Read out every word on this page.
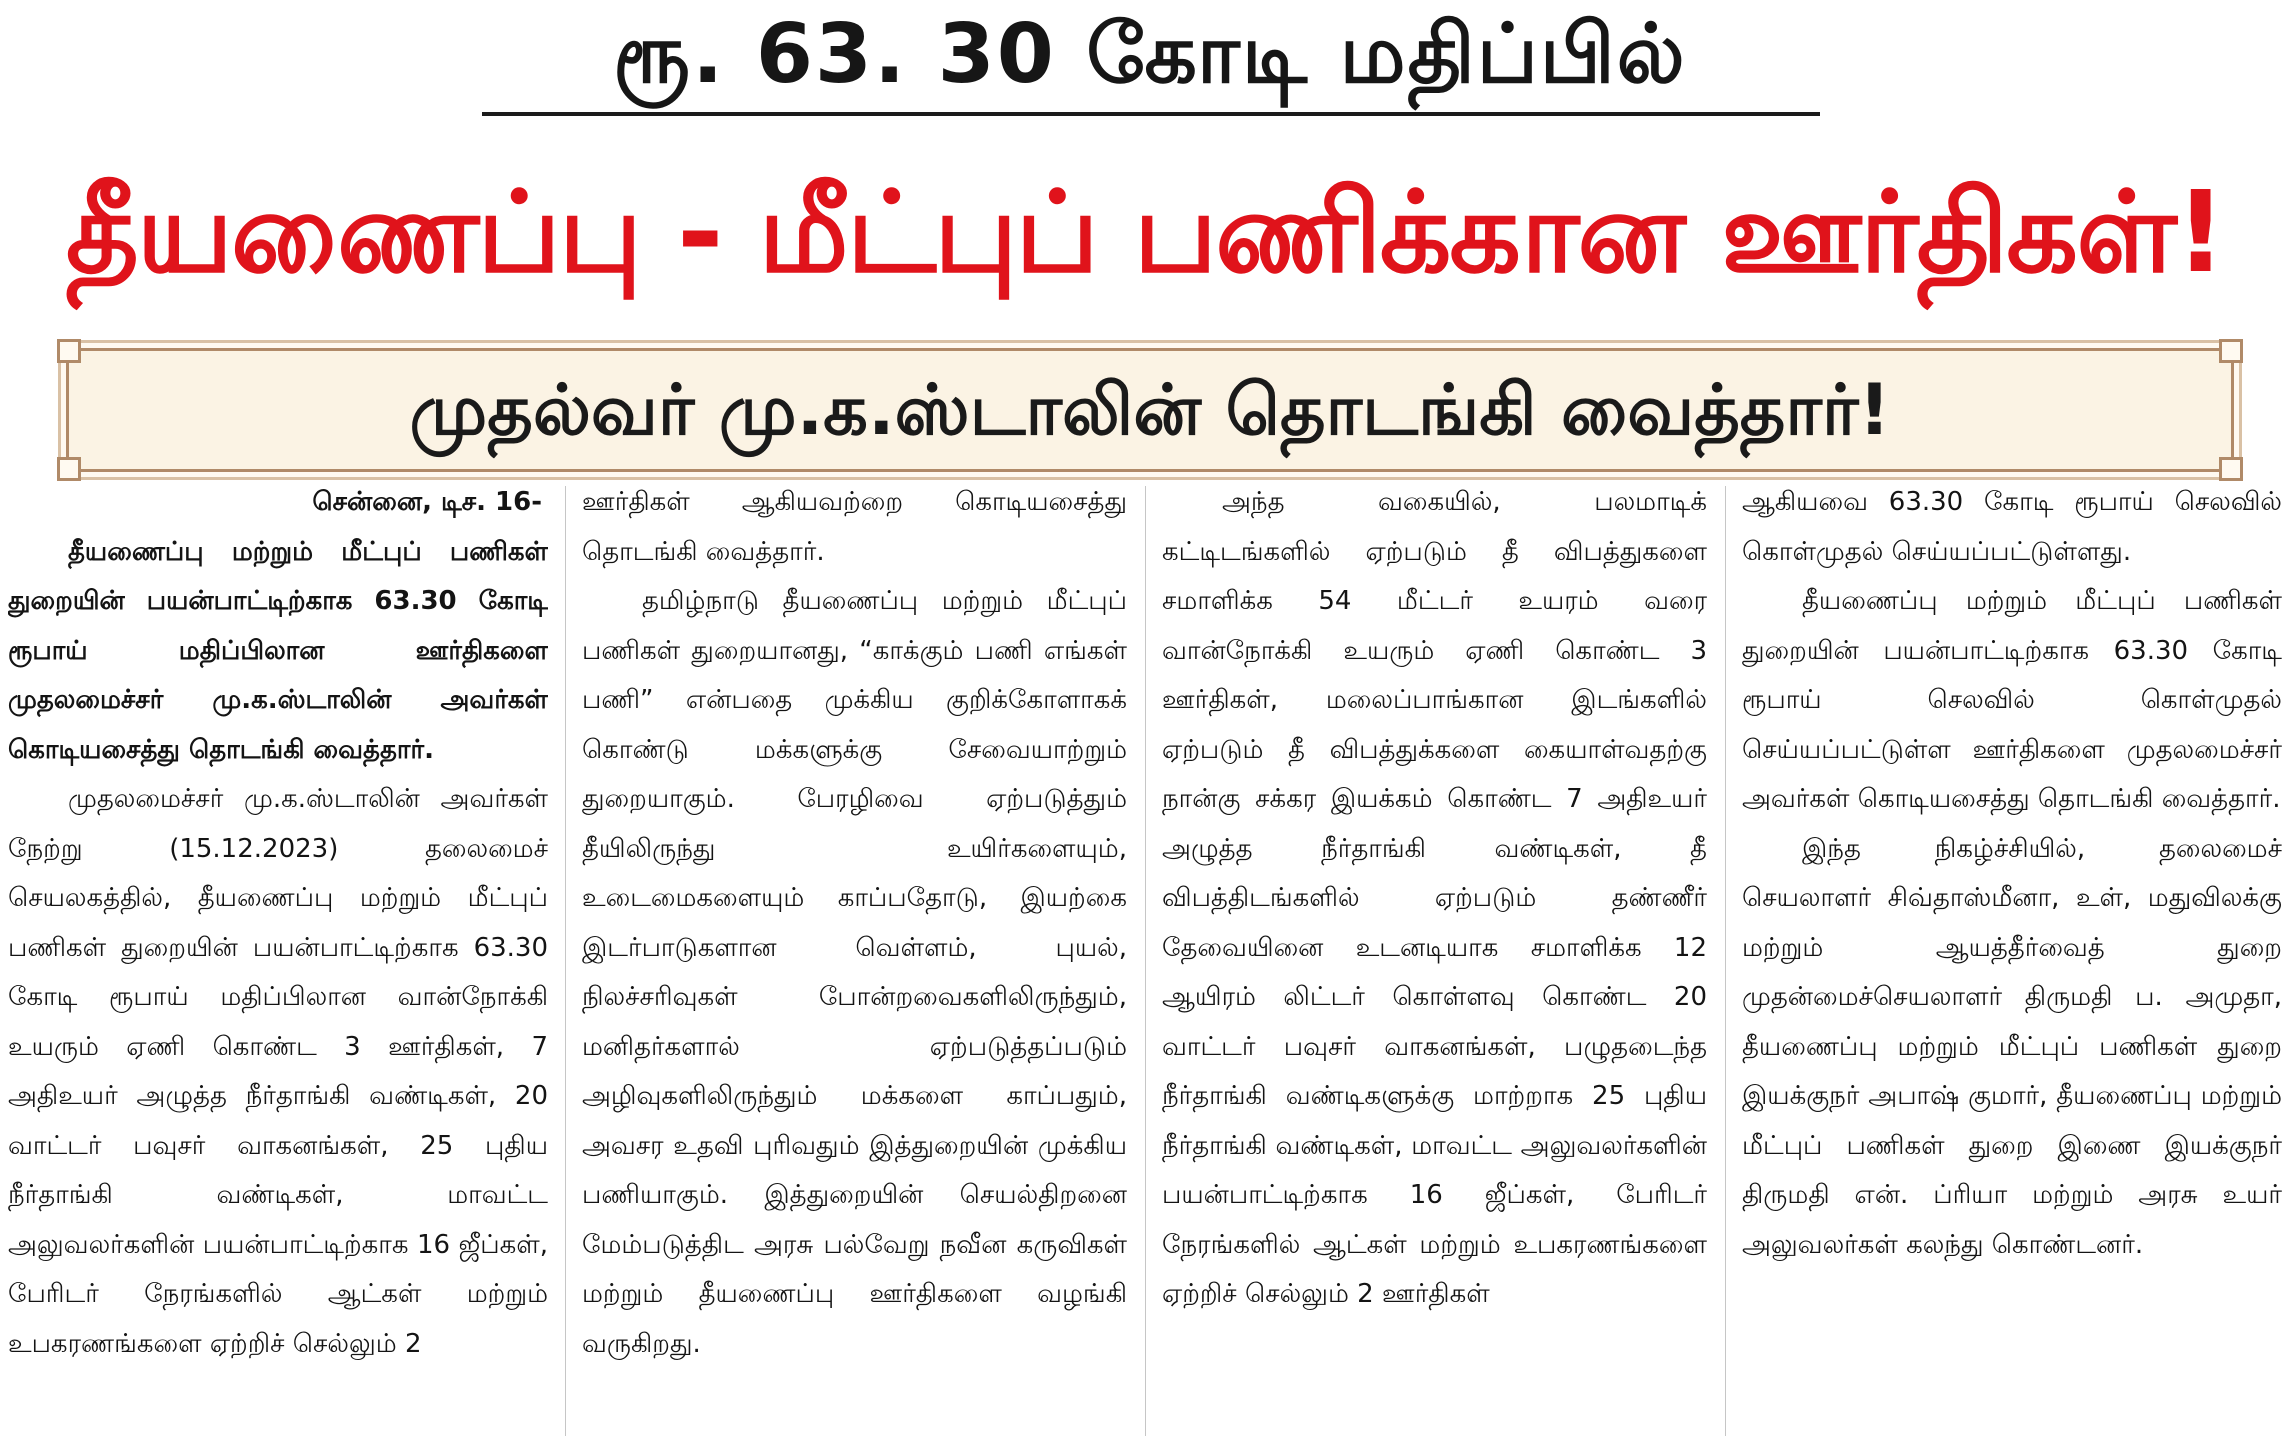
ரூ. 63. 30 கோடி மதிப்பில்
தீயணைப்பு - மீட்புப் பணிக்கான ஊர்திகள்!
முதல்வர் மு.க.ஸ்டாலின் தொடங்கி வைத்தார்!

சென்னை, டிச. 16-

தீயணைப்பு மற்றும் மீட்புப் பணிகள் துறையின் பயன்பாட்டிற்காக 63.30 கோடி ரூபாய் மதிப்பிலான ஊர்திகளை முதலமைச்சர் மு.க.ஸ்டாலின் அவர்கள் கொடியசைத்து தொடங்கி வைத்தார்.

முதலமைச்சர் மு.க.ஸ்டாலின் அவர்கள் நேற்று (15.12.2023) தலைமைச் செயலகத்தில், தீயணைப்பு மற்றும் மீட்புப் பணிகள் துறையின் பயன்பாட்டிற்காக 63.30 கோடி ரூபாய் மதிப்பிலான வான்நோக்கி உயரும் ஏணி கொண்ட 3 ஊர்திகள், 7 அதிஉயர் அழுத்த நீர்தாங்கி வண்டிகள், 20 வாட்டர் பவுசர் வாகனங்கள், 25 புதிய நீர்தாங்கி வண்டிகள், மாவட்ட அலுவலர்களின் பயன்பாட்டிற்காக 16 ஜீப்கள், பேரிடர் நேரங்களில் ஆட்கள் மற்றும் உபகரணங்களை ஏற்றிச் செல்லும் 2

ஊர்திகள் ஆகியவற்றை கொடியசைத்து தொடங்கி வைத்தார்.

தமிழ்நாடு தீயணைப்பு மற்றும் மீட்புப் பணிகள் துறையானது, “காக்கும் பணி எங்கள் பணி” என்பதை முக்கிய குறிக்கோளாகக் கொண்டு மக்களுக்கு சேவையாற்றும் துறையாகும். பேரழிவை ஏற்படுத்தும் தீயிலிருந்து உயிர்களையும், உடைமைகளையும் காப்பதோடு, இயற்கை இடர்பாடுகளான வெள்ளம், புயல், நிலச்சரிவுகள் போன்றவைகளிலிருந்தும், மனிதர்களால் ஏற்படுத்தப்படும் அழிவுகளிலிருந்தும் மக்களை காப்பதும், அவசர உதவி புரிவதும் இத்துறையின் முக்கிய பணியாகும். இத்துறையின் செயல்திறனை மேம்படுத்திட அரசு பல்வேறு நவீன கருவிகள் மற்றும் தீயணைப்பு ஊர்திகளை வழங்கி வருகிறது.

அந்த வகையில், பலமாடிக் கட்டிடங்களில் ஏற்படும் தீ விபத்துகளை சமாளிக்க 54 மீட்டர் உயரம் வரை வான்நோக்கி உயரும் ஏணி கொண்ட 3 ஊர்திகள், மலைப்பாங்கான இடங்களில் ஏற்படும் தீ விபத்துக்களை கையாள்வதற்கு நான்கு சக்கர இயக்கம் கொண்ட 7 அதிஉயர் அழுத்த நீர்தாங்கி வண்டிகள், தீ விபத்திடங்களில் ஏற்படும் தண்ணீர் தேவையினை உடனடியாக சமாளிக்க 12 ஆயிரம் லிட்டர் கொள்ளவு கொண்ட 20 வாட்டர் பவுசர் வாகனங்கள், பழுதடைந்த நீர்தாங்கி வண்டிகளுக்கு மாற்றாக 25 புதிய நீர்தாங்கி வண்டிகள், மாவட்ட அலுவலர்களின் பயன்பாட்டிற்காக 16 ஜீப்கள், பேரிடர் நேரங்களில் ஆட்கள் மற்றும் உபகரணங்களை ஏற்றிச் செல்லும் 2 ஊர்திகள்

ஆகியவை 63.30 கோடி ரூபாய் செலவில் கொள்முதல் செய்யப்பட்டுள்ளது.

தீயணைப்பு மற்றும் மீட்புப் பணிகள் துறையின் பயன்பாட்டிற்காக 63.30 கோடி ரூபாய் செலவில் கொள்முதல் செய்யப்பட்டுள்ள ஊர்திகளை முதலமைச்சர் அவர்கள் கொடியசைத்து தொடங்கி வைத்தார்.

இந்த நிகழ்ச்சியில், தலைமைச் செயலாளர் சிவ்தாஸ்மீனா, உள், மதுவிலக்கு மற்றும் ஆயத்தீர்வைத் துறை முதன்மைச்செயலாளர் திருமதி ப. அமுதா, தீயணைப்பு மற்றும் மீட்புப் பணிகள் துறை இயக்குநர் அபாஷ் குமார், தீயணைப்பு மற்றும் மீட்புப் பணிகள் துறை இணை இயக்குநர் திருமதி என். ப்ரியா மற்றும் அரசு உயர் அலுவலர்கள் கலந்து கொண்டனர்.
